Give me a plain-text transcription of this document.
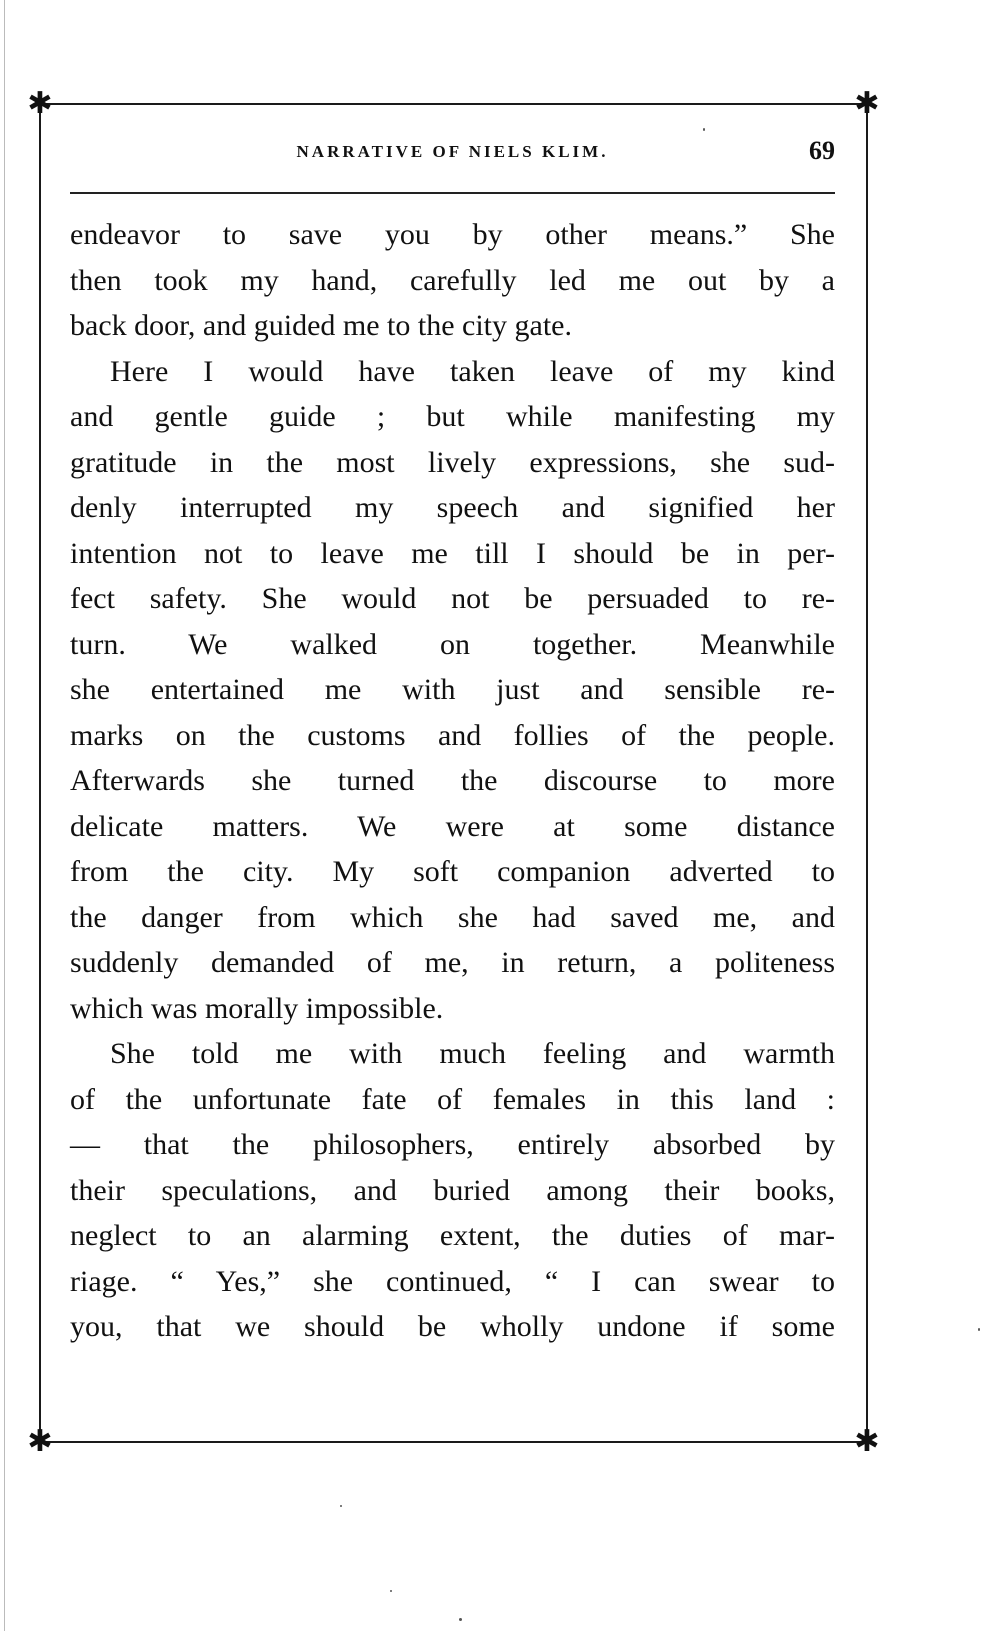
✱	✱
✱	✱
NARRATIVE OF NIELS KLIM.	69
endeavor to save you by other means.” She
then took my hand, carefully led me out by a
back door, and guided me to the city gate.
Here I would have taken leave of my kind
and gentle guide ; but while manifesting my
gratitude in the most lively expressions, she sud-
denly interrupted my speech and signified her
intention not to leave me till I should be in per-
fect safety. She would not be persuaded to re-
turn. We walked on together. Meanwhile
she entertained me with just and sensible re-
marks on the customs and follies of the people.
Afterwards she turned the discourse to more
delicate matters. We were at some distance
from the city. My soft companion adverted to
the danger from which she had saved me, and
suddenly demanded of me, in return, a politeness
which was morally impossible.
She told me with much feeling and warmth
of the unfortunate fate of females in this land :
— that the philosophers, entirely absorbed by
their speculations, and buried among their books,
neglect to an alarming extent, the duties of mar-
riage. “ Yes,” she continued, “ I can swear to
you, that we should be wholly undone if some
